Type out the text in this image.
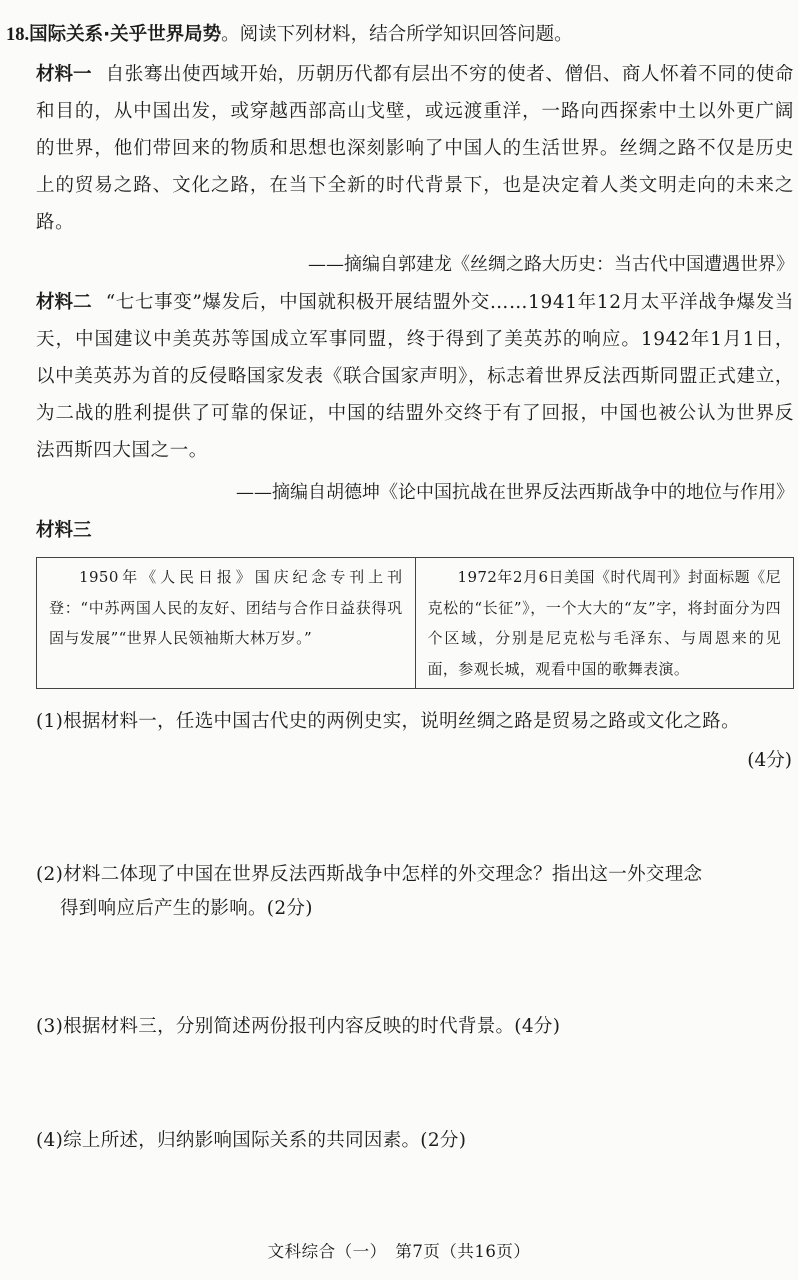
18.国际关系·关乎世界局势。阅读下列材料，结合所学知识回答问题。
材料一 自张骞出使西域开始，历朝历代都有层出不穷的使者、僧侣、商人怀着不同的使命和目的，从中国出发，或穿越西部高山戈壁，或远渡重洋，一路向西探索中土以外更广阔的世界，他们带回来的物质和思想也深刻影响了中国人的生活世界。丝绸之路不仅是历史上的贸易之路、文化之路，在当下全新的时代背景下，也是决定着人类文明走向的未来之路。
——摘编自郭建龙《丝绸之路大历史：当古代中国遭遇世界》
材料二 “七七事变”爆发后，中国就积极开展结盟外交……1941年12月太平洋战争爆发当天，中国建议中美英苏等国成立军事同盟，终于得到了美英苏的响应。1942年1月1日，以中美英苏为首的反侵略国家发表《联合国家声明》，标志着世界反法西斯同盟正式建立，为二战的胜利提供了可靠的保证，中国的结盟外交终于有了回报，中国也被公认为世界反法西斯四大国之一。
——摘编自胡德坤《论中国抗战在世界反法西斯战争中的地位与作用》
材料三
1950年《人民日报》国庆纪念专刊上刊登：“中苏两国人民的友好、团结与合作日益获得巩固与发展”“世界人民领袖斯大林万岁。”	1972年2月6日美国《时代周刊》封面标题《尼克松的“长征”》，一个大大的“友”字，将封面分为四个区域，分别是尼克松与毛泽东、与周恩来的见面，参观长城，观看中国的歌舞表演。
(1)根据材料一，任选中国古代史的两例史实，说明丝绸之路是贸易之路或文化之路。
(4分)
(2)材料二体现了中国在世界反法西斯战争中怎样的外交理念？指出这一外交理念
得到响应后产生的影响。(2分)
(3)根据材料三，分别简述两份报刊内容反映的时代背景。(4分)
(4)综上所述，归纳影响国际关系的共同因素。(2分)
文科综合（一）　第7页（共16页）
